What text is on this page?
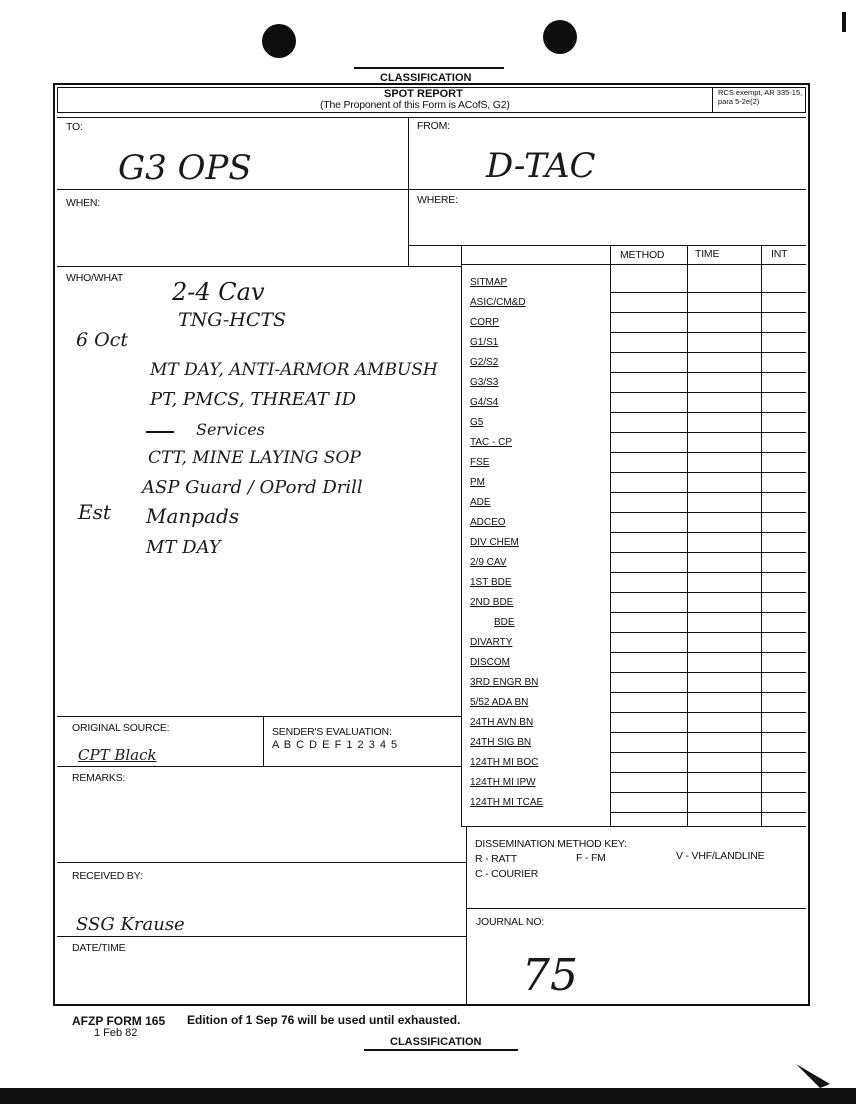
CLASSIFICATION
SPOT REPORT
(The Proponent of this Form is ACofS, G2)
RCS exempt, AR 335-15, para 5-2e(2)
TO:
G3 OPS
FROM:
D-TAC
WHEN:	WHERE:
METHOD	TIME	INT
SITMAP
ASIC/CM&D
CORP
G1/S1
G2/S2
G3/S3
G4/S4
G5
TAC - CP
FSE
PM
ADE
ADCEO
DIV CHEM
2/9 CAV
1ST BDE
2ND BDE
BDE
DIVARTY
DISCOM
3RD ENGR BN
5/52 ADA BN
24TH AVN BN
24TH SIG BN
124TH MI BOC
124TH MI IPW
124TH MI TCAE
WHO/WHAT 2-4 Cav
TNG-HCTS
6 Oct
MT DAY, ANTI-ARMOR AMBUSH
PT, PMCS, THREAT ID
Services
CTT, MINE LAYING SOP
ASP Guard / OPord Drill
Est Manpads
MT DAY
ORIGINAL SOURCE:
CPT Black
SENDER'S EVALUATION:
A B C D E F 1 2 3 4 5
REMARKS:
DISSEMINATION METHOD KEY:
R - RATT	F - FM	V - VHF/LANDLINE
C - COURIER
JOURNAL NO:
75
RECEIVED BY:
SSG Krause
DATE/TIME
AFZP FORM 165 Edition of 1 Sep 76 will be used until exhausted.
1 Feb 82
CLASSIFICATION
